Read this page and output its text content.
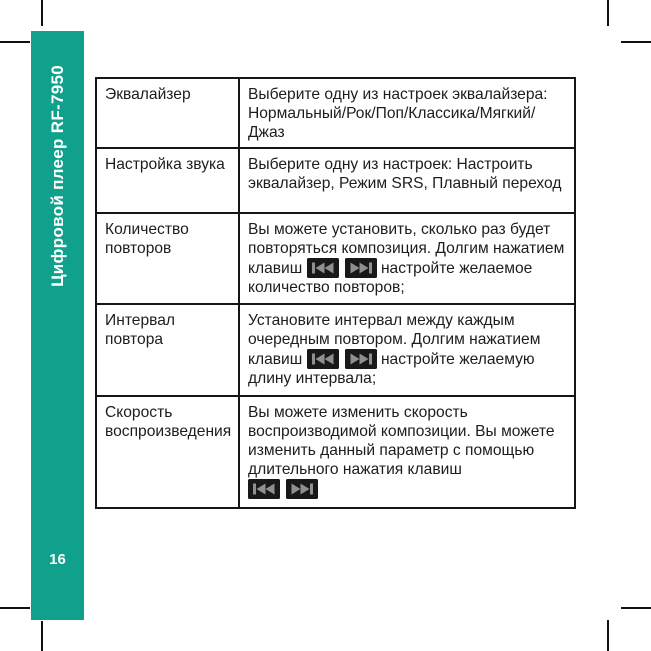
Цифровой плеер RF-7950
16
Эквалайзер	Выберите одну из настроек эквалайзера: Нормальный/Рок/Поп/Классика/Мягкий/Джаз
Настройка звука	Выберите одну из настроек: Настроить эквалайзер, Режим SRS, Плавный переход
Количество повторов	Вы можете установить, сколько раз будет повторяться композиция. Долгим нажатием клавиш настройте желаемое количество повторов;
Интервал повтора	Установите интервал между каждым очередным повтором. Долгим нажатием клавиш настройте желаемую длину интервала;
Скорость воспроизведения	Вы можете изменить скорость воспроизводимой композиции. Вы можете изменить данный параметр с помощью длительного нажатия клавиш
